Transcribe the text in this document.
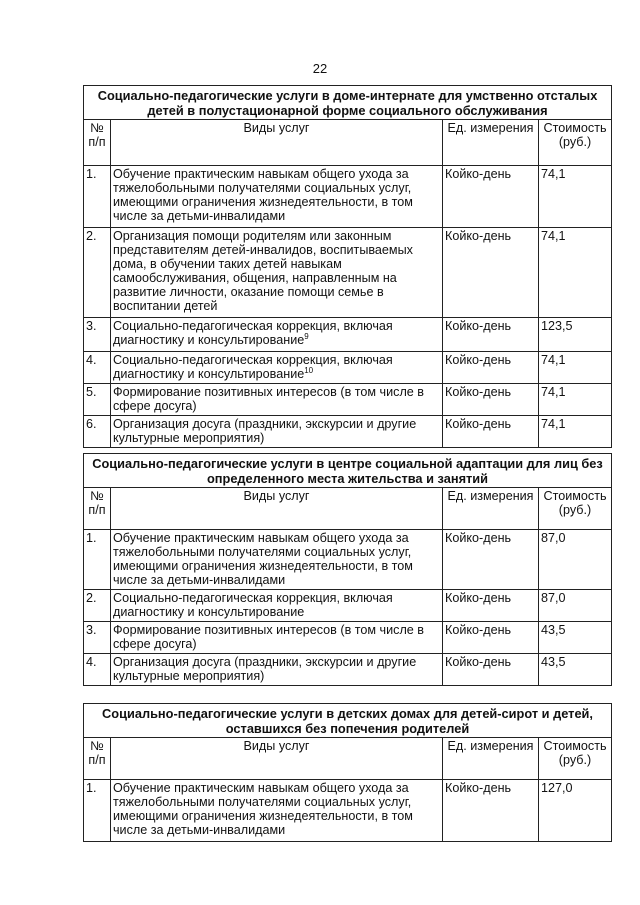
22
Социально-педагогические услуги в доме-интернате для умственно отсталых детей в полустационарной форме социального обслуживания			
№ п/п	Виды услуг	Ед. измерения	Стоимость (руб.)
1.	Обучение практическим навыкам общего ухода за тяжелобольными получателями социальных услуг, имеющими ограничения жизнедеятельности, в том числе за детьми-инвалидами	Койко-день	74,1
2.	Организация помощи родителям или законным представителям детей-инвалидов, воспитываемых дома, в обучении таких детей навыкам самообслуживания, общения, направленным на развитие личности, оказание помощи семье в воспитании детей	Койко-день	74,1
3.	Социально-педагогическая коррекция, включая диагностику и консультирование$^9$	Койко-день	123,5
4.	Социально-педагогическая коррекция, включая диагностику и консультирование$^{10}$	Койко-день	74,1
5.	Формирование позитивных интересов (в том числе в сфере досуга)	Койко-день	74,1
6.	Организация досуга (праздники, экскурсии и другие культурные мероприятия)	Койко-день	74,1
Социально-педагогические услуги в центре социальной адаптации для лиц без определенного места жительства и занятий			
№ п/п	Виды услуг	Ед. измерения	Стоимость (руб.)
1.	Обучение практическим навыкам общего ухода за тяжелобольными получателями социальных услуг, имеющими ограничения жизнедеятельности, в том числе за детьми-инвалидами	Койко-день	87,0
2.	Социально-педагогическая коррекция, включая диагностику и консультирование	Койко-день	87,0
3.	Формирование позитивных интересов (в том числе в сфере досуга)	Койко-день	43,5
4.	Организация досуга (праздники, экскурсии и другие культурные мероприятия)	Койко-день	43,5
Социально-педагогические услуги в детских домах для детей-сирот и детей, оставшихся без попечения родителей			
№ п/п	Виды услуг	Ед. измерения	Стоимость (руб.)
1.	Обучение практическим навыкам общего ухода за тяжелобольными получателями социальных услуг, имеющими ограничения жизнедеятельности, в том числе за детьми-инвалидами	Койко-день	127,0
